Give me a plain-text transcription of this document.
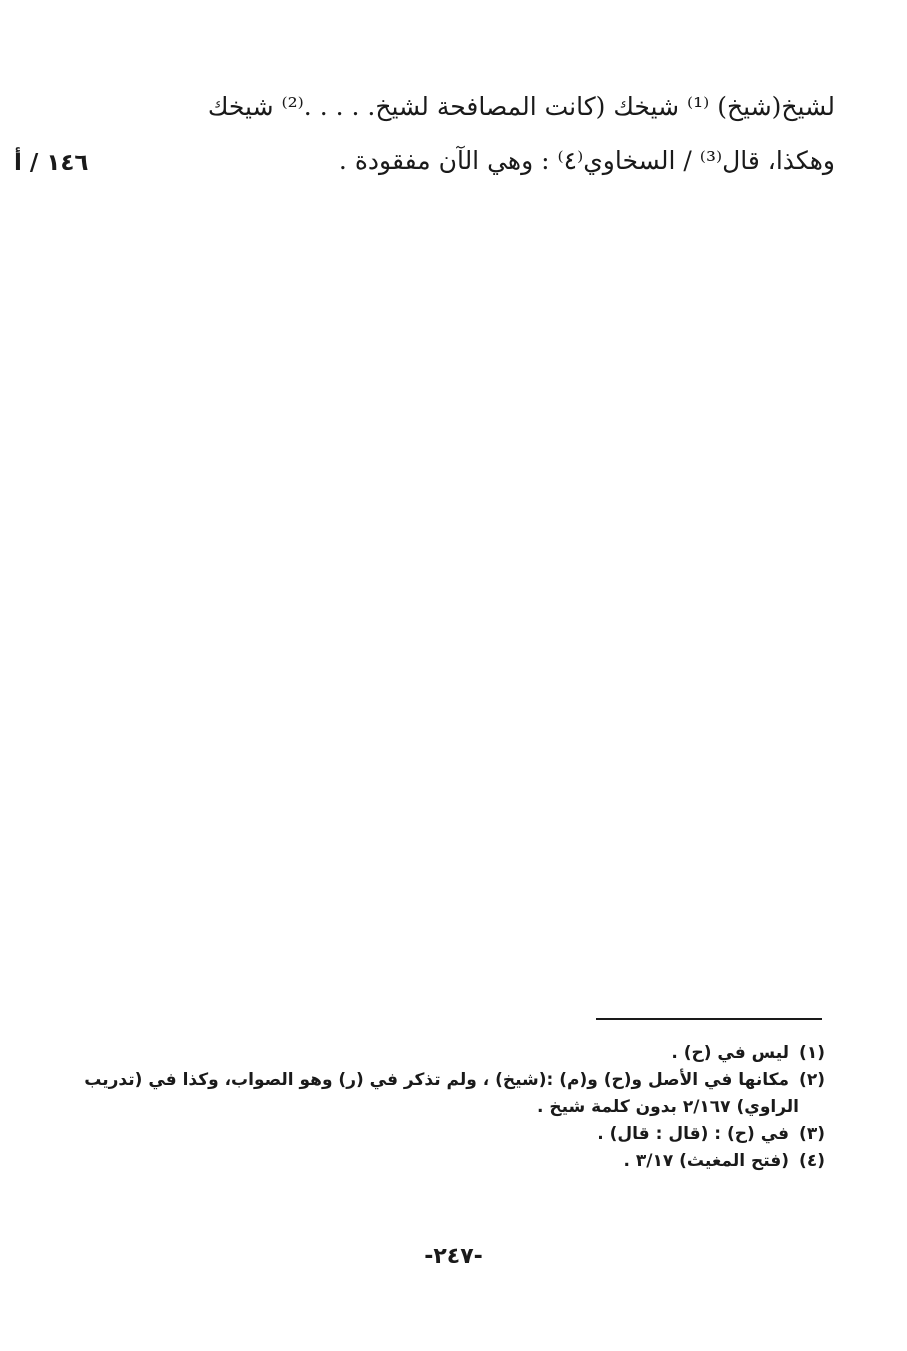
لشيخ(شيخ) ⁽¹⁾ شيخك (كانت المصافحة لشيخ. . . . .⁽²⁾ شيخك
وهكذا، قال⁽³⁾ / السخاوي⁽٤⁾ : وهي الآن مفقودة .
١٤٦ / أ
(١)ليس في (ح) .
(٢)مكانها في الأصل و(ح) و(م) :(شيخ) ، ولم تذكر في (ر) وهو الصواب، وكذا في (تدريب
الراوي) ٢/١٦٧ بدون كلمة شيخ .
(٣)في (ح) : (قال : قال) .
(٤)(فتح المغيث) ٣/١٧ .
-٢٤٧-
